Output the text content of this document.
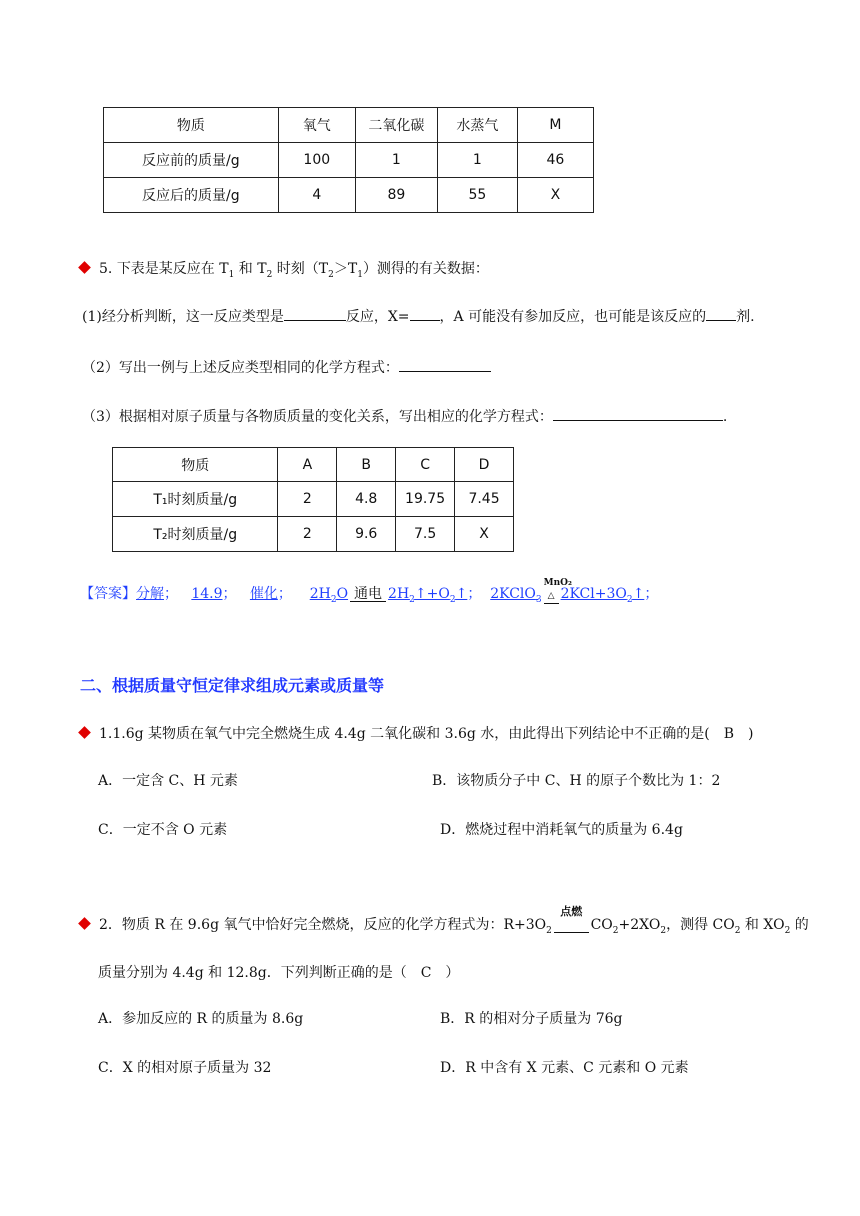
物质	氧气	二氧化碳	水蒸气	M
反应前的质量/g	100	1	1	46
反应后的质量/g	4	89	55	X
5. 下表是某反应在 $T_1$ 和 $T_2$ 时刻$(T_2>T_1)$测得的有关数据：
(1)经分析判断，这一反应类型是	反应，X= ，A 可能没有参加反应，也可能是该反应的 剂.
（2）写出一例与上述反应类型相同的化学方程式：
（3）根据相对原子质量与各物质质量的变化关系，写出相应的化学方程式：	.
物质	A	B	C	D
T₁时刻质量/g	2	4.8	19.75	7.45
T₂时刻质量/g	2	9.6	7.5	X
【答案】分解； 14.9； 催化； $2H_2O$ 通电 $2H_2↑+O_2↑$； 2KClO$_3$
MnO₂
△ $2KCl+3O_2↑$；
二、根据质量守恒定律求组成元素或质量等
1.1.6g 某物质在氧气中完全燃烧生成 4.4g 二氧化碳和 3.6g 水，由此得出下列结论中不正确的是(　B　)
A．一定含 C、H 元素	B．该物质分子中 C、H 的原子个数比为 1：2
C．一定不含 O 元素	D．燃烧过程中消耗氧气的质量为 6.4g
2．物质 R 在 9.6g 氧气中恰好完全燃烧，反应的化学方程式为：$R+3O_2$
点燃
$CO_2+2XO_2$，测得 $CO_2$ 和 $XO_2$ 的
质量分别为 4.4g 和 12.8g．下列判断正确的是（　C　）
A．参加反应的 R 的质量为 8.6g	B．R 的相对分子质量为 76g
C．X 的相对原子质量为 32	D．R 中含有 X 元素、C 元素和 O 元素
